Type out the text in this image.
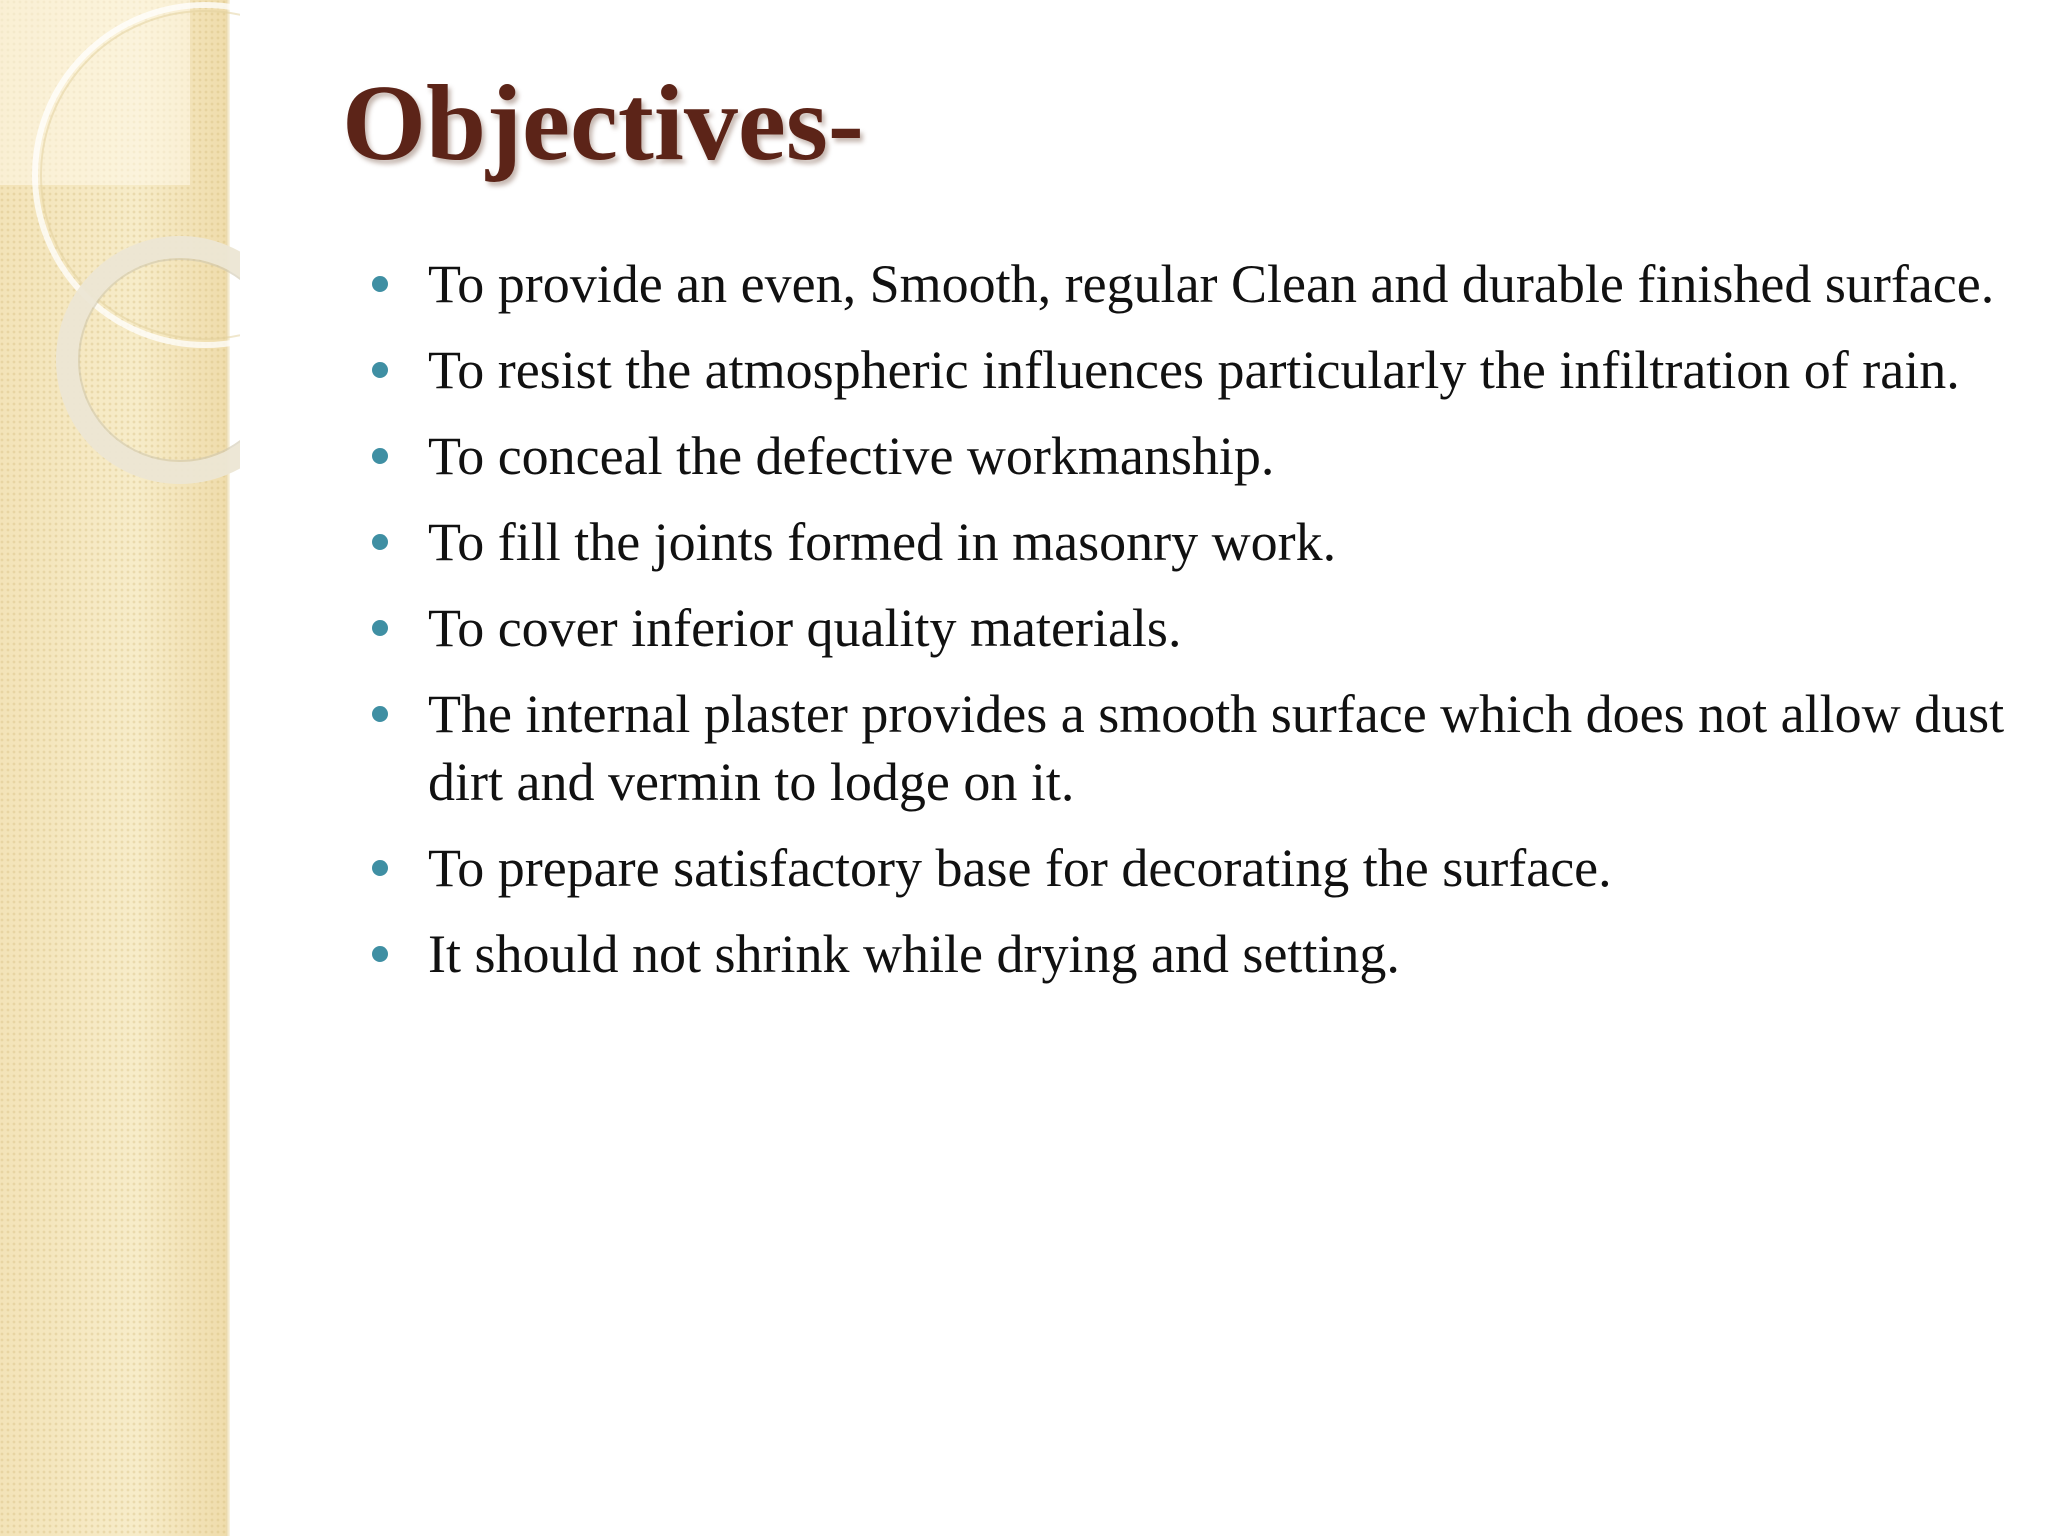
Objectives-
To provide an even, Smooth, regular Clean and durable finished surface.
To resist the atmospheric influences particularly the infiltration of rain.
To conceal the defective workmanship.
To fill the joints formed in masonry work.
To cover inferior quality materials.
The internal plaster provides a smooth surface which does not allow dust dirt and vermin to lodge on it.
To prepare satisfactory base for decorating the surface.
It should not shrink while drying and setting.
